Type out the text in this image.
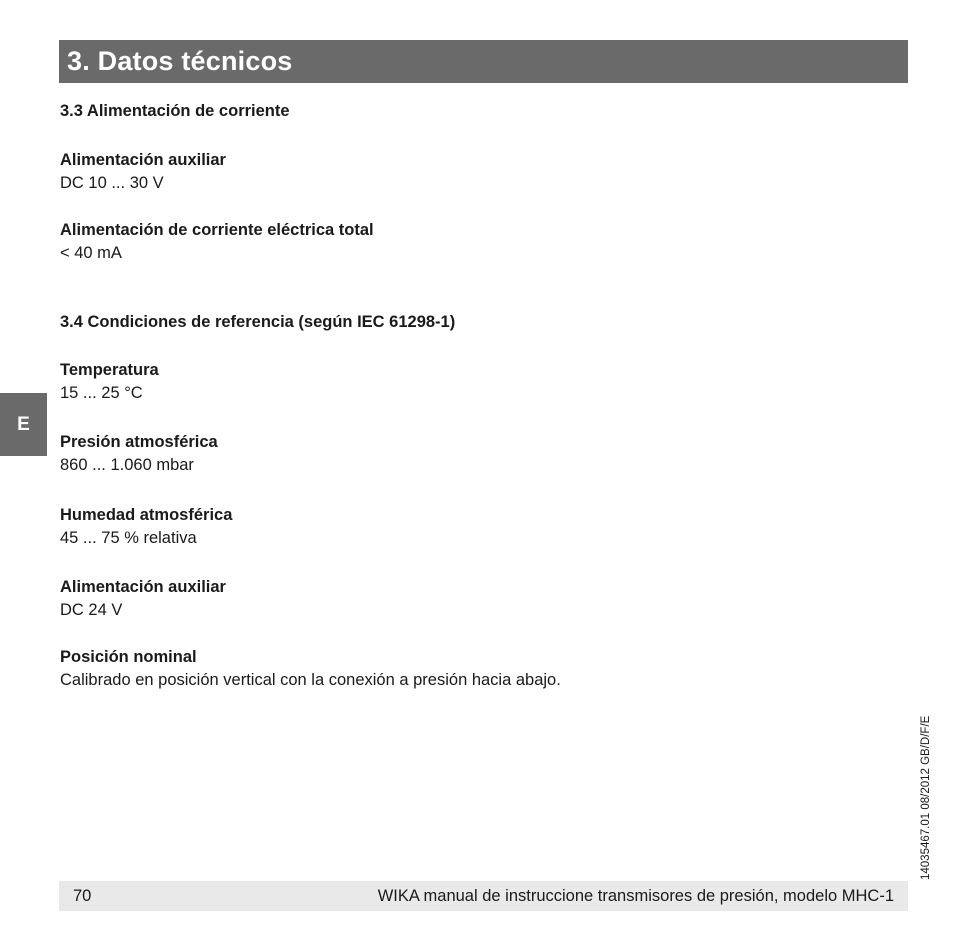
3. Datos técnicos
E
3.3 Alimentación de corriente
Alimentación auxiliar
DC 10 ... 30 V
Alimentación de corriente eléctrica total
< 40 mA
3.4 Condiciones de referencia (según IEC 61298-1)
Temperatura
15 ... 25 °C
Presión atmosférica
860 ... 1.060 mbar
Humedad atmosférica
45 ... 75 % relativa
Alimentación auxiliar
DC 24 V
Posición nominal
Calibrado en posición vertical con la conexión a presión hacia abajo.
70	WIKA manual de instruccione transmisores de presión, modelo MHC-1
14035467.01 08/2012 GB/D/F/E
